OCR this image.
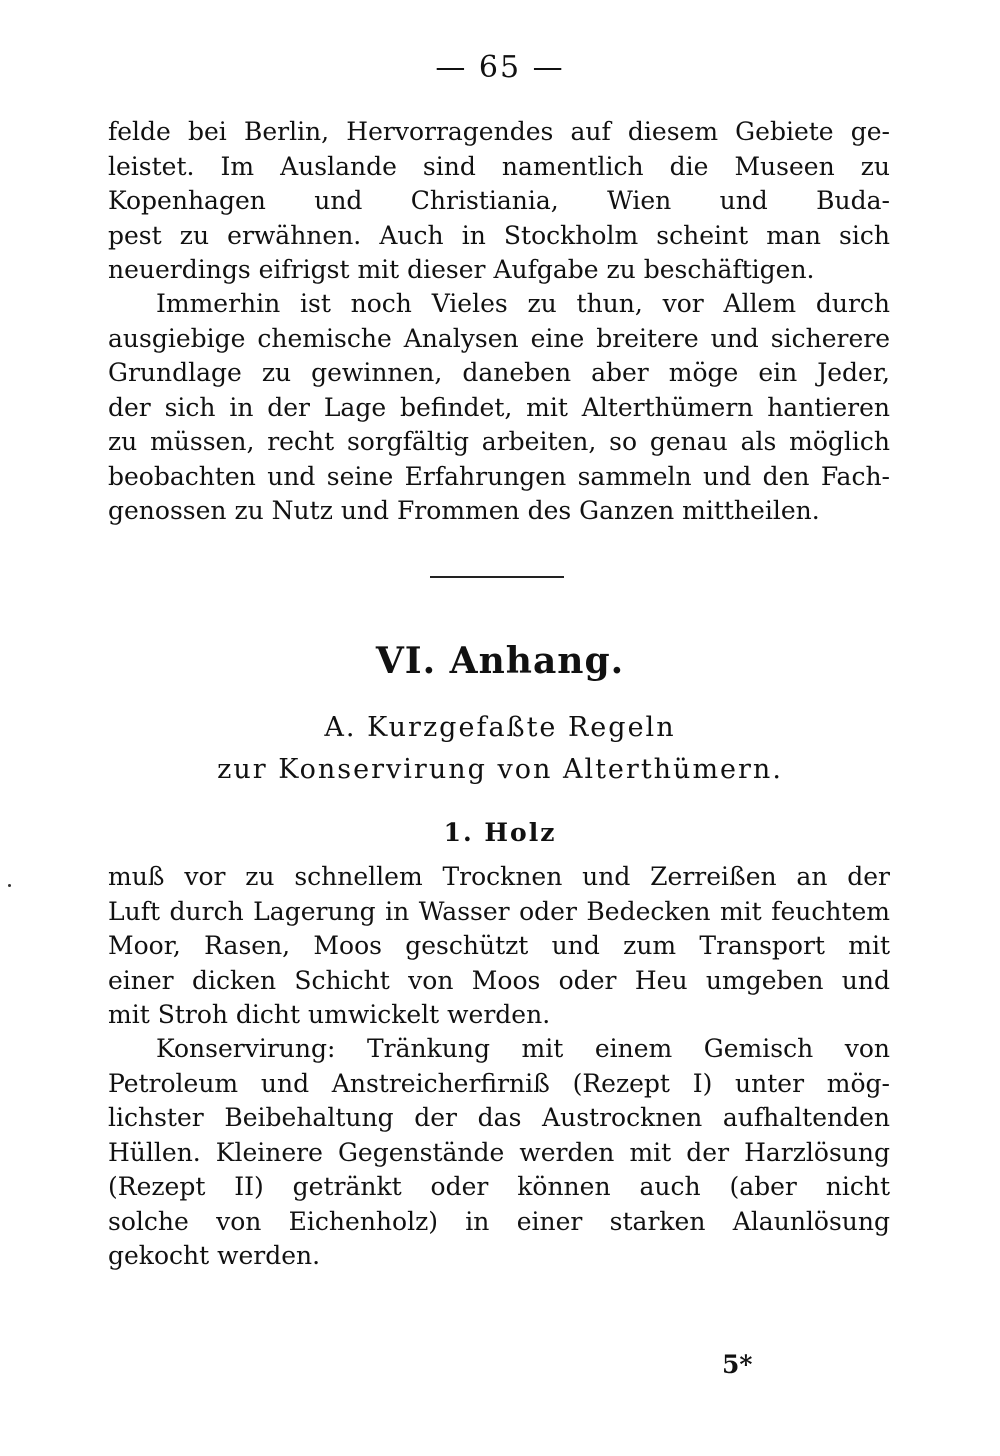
— 65 —
felde bei Berlin, Hervorragendes auf diesem Gebiete ge-
leistet. Im Auslande sind namentlich die Museen zu
Kopenhagen und Christiania, Wien und Buda-
pest zu erwähnen. Auch in Stockholm scheint man sich
neuerdings eifrigst mit dieser Aufgabe zu beschäftigen.
Immerhin ist noch Vieles zu thun, vor Allem durch
ausgiebige chemische Analysen eine breitere und sicherere
Grundlage zu gewinnen, daneben aber möge ein Jeder,
der sich in der Lage befindet, mit Alterthümern hantieren
zu müssen, recht sorgfältig arbeiten, so genau als möglich
beobachten und seine Erfahrungen sammeln und den Fach-
genossen zu Nutz und Frommen des Ganzen mittheilen.
VI. Anhang.
A. Kurzgefaßte Regeln
zur Konservirung von Alterthümern.
1. Holz
muß vor zu schnellem Trocknen und Zerreißen an der
Luft durch Lagerung in Wasser oder Bedecken mit feuchtem
Moor, Rasen, Moos geschützt und zum Transport mit
einer dicken Schicht von Moos oder Heu umgeben und
mit Stroh dicht umwickelt werden.
Konservirung: Tränkung mit einem Gemisch von
Petroleum und Anstreicherfirniß (Rezept I) unter mög-
lichster Beibehaltung der das Austrocknen aufhaltenden
Hüllen. Kleinere Gegenstände werden mit der Harzlösung
(Rezept II) getränkt oder können auch (aber nicht
solche von Eichenholz) in einer starken Alaunlösung
gekocht werden.
5*
